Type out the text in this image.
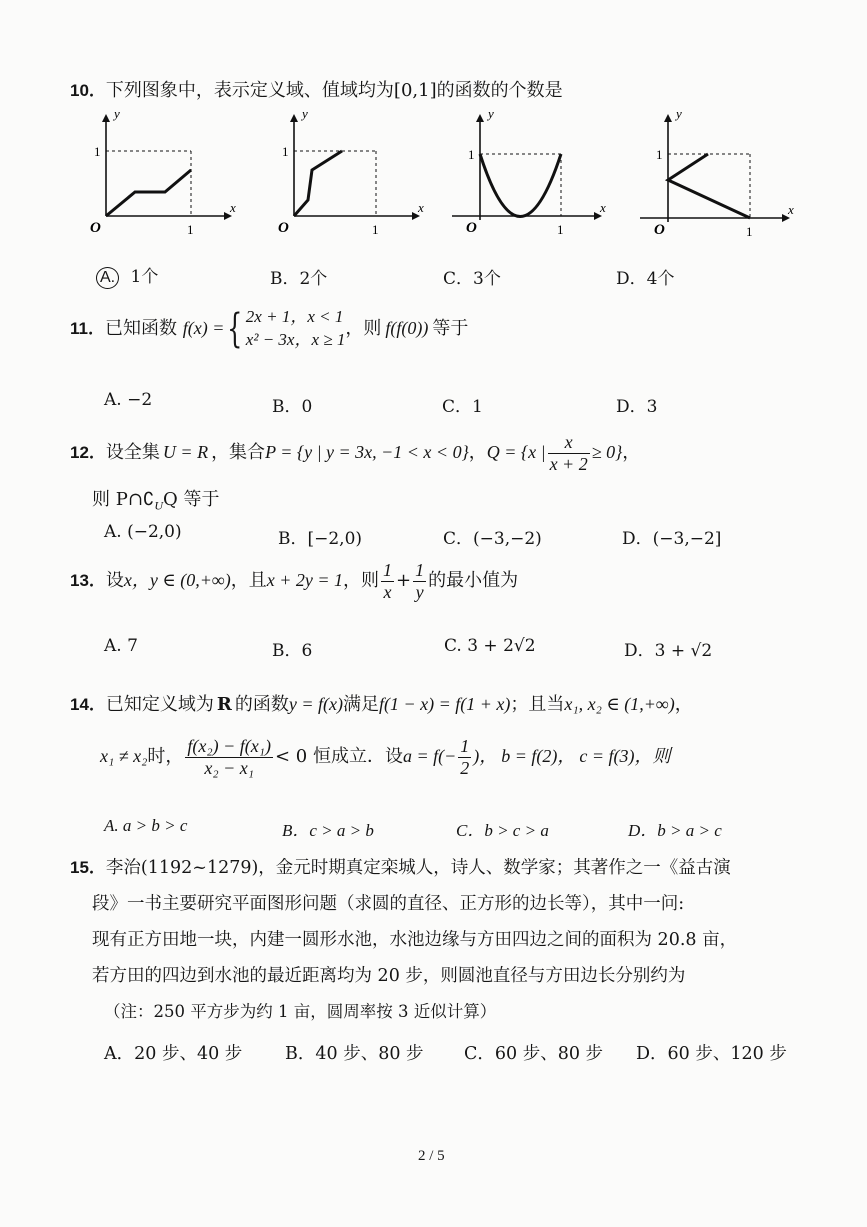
10．下列图象中，表示定义域、值域均为[0,1]的函数的个数是
y
x
O
1
1
y
x
O
1
1
y
x
O
1
1
y
x
O
1
1
A. 1个	B．2个	C．3个	D．4个
11．已知函数 f(x) ={ 2x + 1，x < 1
x² − 3x，x ≥ 1
，则 f(f(0)) 等于
A. −2	B．0	C．1	D．3
12．设全集 U = R ，集合P = {y | y = 3x, −1 < x < 0}，Q = {x | $\frac{x}{x + 2} \ge 0$}，
则 $P\cap∁_UQ$ 等于
A. (−2,0)	B．[−2,0)	C．(−3,−2)	D．(−3,−2]
13．设x，y ∈ (0,+∞)，且x + 2y = 1，则 $\frac{1}{x} + \frac{1}{y}$ 的最小值为
A. 7	B．6	C. 3 + 2√2	D．3 + √2
14．已知定义域为 R 的函数y = f(x)满足f(1 − x) = f(1 + x)；且当x₁, x₂ ∈ (1,+∞)，
x₁ ≠ x₂时， $\frac{\text{f(x₂) − f(x₁)}}{\text{x₂ − x₁}} < 0$ 恒成立．设$a = f(- \frac{1}{2}$ )， b = f(2)， c = f(3)，则
A. a > b > c	B．c > a > b	C．b > c > a	D．b > a > c
15．李治(1192~1279)，金元时期真定栾城人，诗人、数学家；其著作之一《益古演
段》一书主要研究平面图形问题（求圆的直径、正方形的边长等），其中一问:
现有正方田地一块，内建一圆形水池，水池边缘与方田四边之间的面积为 20.8 亩，
若方田的四边到水池的最近距离均为 20 步，则圆池直径与方田边长分别约为
（注：250 平方步为约 1 亩，圆周率按 3 近似计算）
A．20 步、40 步 B．40 步、80 步 C．60 步、80 步 D．60 步、120 步
2 / 5
